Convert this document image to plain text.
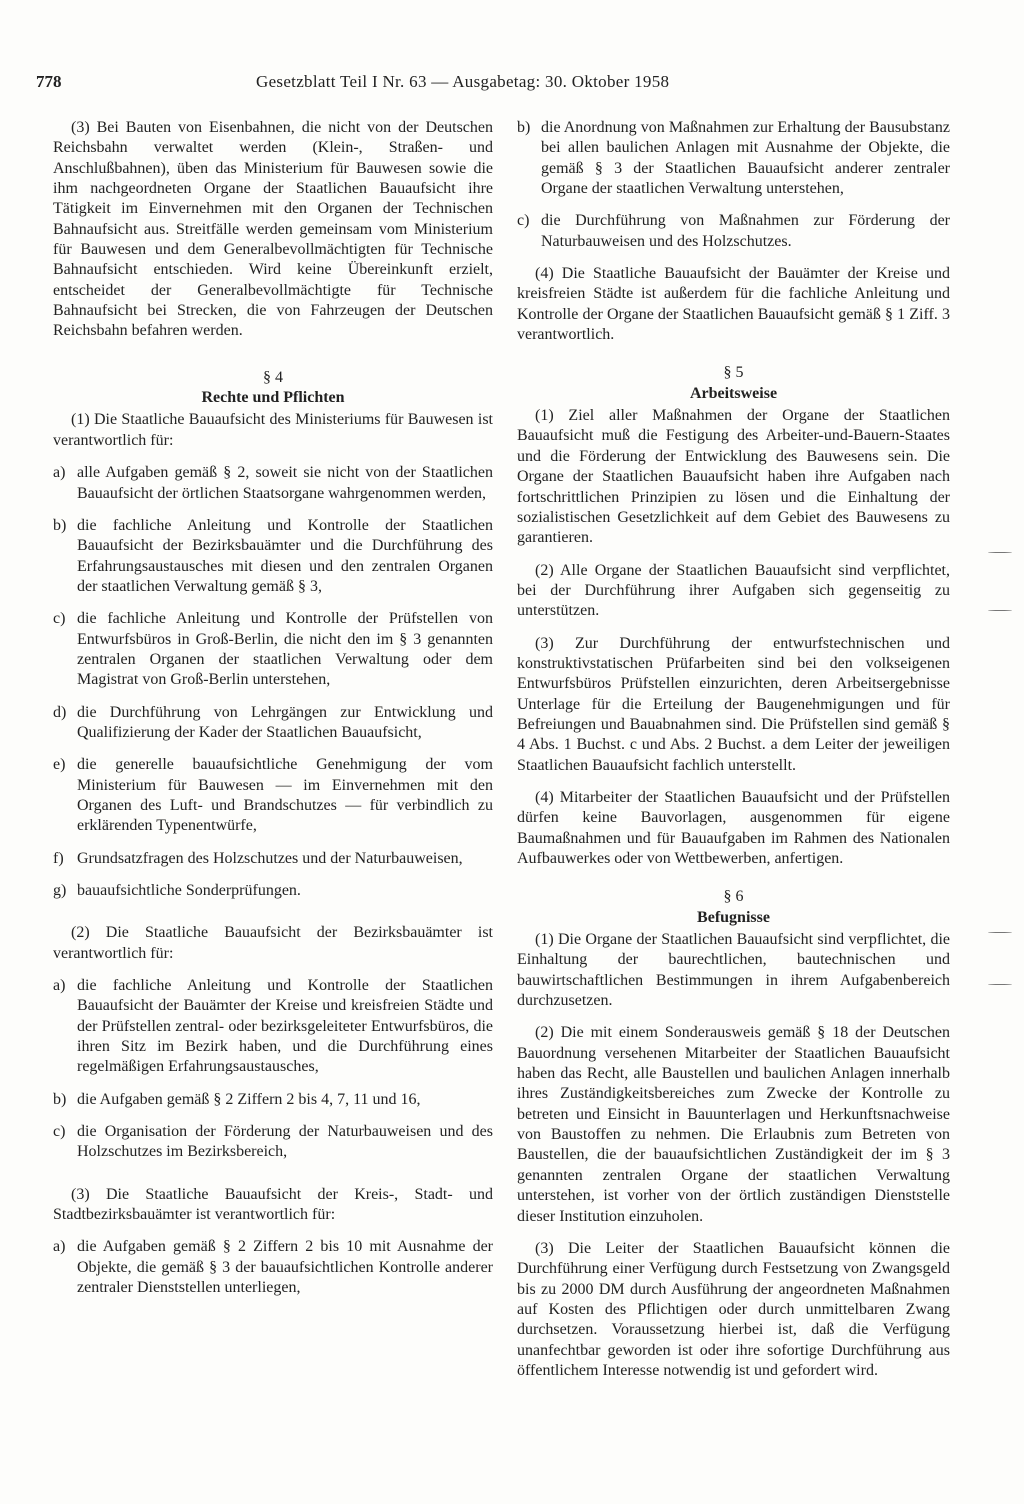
778	Gesetzblatt Teil I Nr. 63 — Ausgabetag: 30. Oktober 1958

(3) Bei Bauten von Eisenbahnen, die nicht von der Deutschen Reichsbahn verwaltet werden (Klein-, Straßen- und Anschlußbahnen), üben das Ministerium für Bauwesen sowie die ihm nachgeordneten Organe der Staatlichen Bauaufsicht ihre Tätigkeit im Einvernehmen mit den Organen der Technischen Bahnaufsicht aus. Streitfälle werden gemeinsam vom Ministerium für Bauwesen und dem Generalbevollmächtigten für Technische Bahnaufsicht entschieden. Wird keine Übereinkunft erzielt, entscheidet der Generalbevollmächtigte für Technische Bahnaufsicht bei Strecken, die von Fahrzeugen der Deutschen Reichsbahn befahren werden.

§ 4

Rechte und Pflichten

(1) Die Staatliche Bauaufsicht des Ministeriums für Bauwesen ist verantwortlich für:

a) alle Aufgaben gemäß § 2, soweit sie nicht von der Staatlichen Bauaufsicht der örtlichen Staatsorgane wahrgenommen werden,
b) die fachliche Anleitung und Kontrolle der Staatlichen Bauaufsicht der Bezirksbauämter und die Durchführung des Erfahrungsaustausches mit diesen und den zentralen Organen der staatlichen Verwaltung gemäß § 3,
c) die fachliche Anleitung und Kontrolle der Prüfstellen von Entwurfsbüros in Groß-Berlin, die nicht den im § 3 genannten zentralen Organen der staatlichen Verwaltung oder dem Magistrat von Groß-Berlin unterstehen,
d) die Durchführung von Lehrgängen zur Entwicklung und Qualifizierung der Kader der Staatlichen Bauaufsicht,
e) die generelle bauaufsichtliche Genehmigung der vom Ministerium für Bauwesen — im Einvernehmen mit den Organen des Luft- und Brandschutzes — für verbindlich zu erklärenden Typenentwürfe,
f) Grundsatzfragen des Holzschutzes und der Naturbauweisen,
g) bauaufsichtliche Sonderprüfungen.

(2) Die Staatliche Bauaufsicht der Bezirksbauämter ist verantwortlich für:

a) die fachliche Anleitung und Kontrolle der Staatlichen Bauaufsicht der Bauämter der Kreise und kreisfreien Städte und der Prüfstellen zentral- oder bezirksgeleiteter Entwurfsbüros, die ihren Sitz im Bezirk haben, und die Durchführung eines regelmäßigen Erfahrungsaustausches,
b) die Aufgaben gemäß § 2 Ziffern 2 bis 4, 7, 11 und 16,
c) die Organisation der Förderung der Naturbauweisen und des Holzschutzes im Bezirksbereich,

(3) Die Staatliche Bauaufsicht der Kreis-, Stadt- und Stadtbezirksbauämter ist verantwortlich für:

a) die Aufgaben gemäß § 2 Ziffern 2 bis 10 mit Ausnahme der Objekte, die gemäß § 3 der bauaufsichtlichen Kontrolle anderer zentraler Dienststellen unterliegen,
b) die Anordnung von Maßnahmen zur Erhaltung der Bausubstanz bei allen baulichen Anlagen mit Ausnahme der Objekte, die gemäß § 3 der Staatlichen Bauaufsicht anderer zentraler Organe der staatlichen Verwaltung unterstehen,
c) die Durchführung von Maßnahmen zur Förderung der Naturbauweisen und des Holzschutzes.

(4) Die Staatliche Bauaufsicht der Bauämter der Kreise und kreisfreien Städte ist außerdem für die fachliche Anleitung und Kontrolle der Organe der Staatlichen Bauaufsicht gemäß § 1 Ziff. 3 verantwortlich.

§ 5

Arbeitsweise

(1) Ziel aller Maßnahmen der Organe der Staatlichen Bauaufsicht muß die Festigung des Arbeiter-und-Bauern-Staates und die Förderung der Entwicklung des Bauwesens sein. Die Organe der Staatlichen Bauaufsicht haben ihre Aufgaben nach fortschrittlichen Prinzipien zu lösen und die Einhaltung der sozialistischen Gesetzlichkeit auf dem Gebiet des Bauwesens zu garantieren.

(2) Alle Organe der Staatlichen Bauaufsicht sind verpflichtet, bei der Durchführung ihrer Aufgaben sich gegenseitig zu unterstützen.

(3) Zur Durchführung der entwurfstechnischen und konstruktivstatischen Prüfarbeiten sind bei den volkseigenen Entwurfsbüros Prüfstellen einzurichten, deren Arbeitsergebnisse Unterlage für die Erteilung der Baugenehmigungen und für Befreiungen und Bauabnahmen sind. Die Prüfstellen sind gemäß § 4 Abs. 1 Buchst. c und Abs. 2 Buchst. a dem Leiter der jeweiligen Staatlichen Bauaufsicht fachlich unterstellt.

(4) Mitarbeiter der Staatlichen Bauaufsicht und der Prüfstellen dürfen keine Bauvorlagen, ausgenommen für eigene Baumaßnahmen und für Bauaufgaben im Rahmen des Nationalen Aufbauwerkes oder von Wettbewerben, anfertigen.

§ 6

Befugnisse

(1) Die Organe der Staatlichen Bauaufsicht sind verpflichtet, die Einhaltung der baurechtlichen, bautechnischen und bauwirtschaftlichen Bestimmungen in ihrem Aufgabenbereich durchzusetzen.

(2) Die mit einem Sonderausweis gemäß § 18 der Deutschen Bauordnung versehenen Mitarbeiter der Staatlichen Bauaufsicht haben das Recht, alle Baustellen und baulichen Anlagen innerhalb ihres Zuständigkeitsbereiches zum Zwecke der Kontrolle zu betreten und Einsicht in Bauunterlagen und Herkunftsnachweise von Baustoffen zu nehmen. Die Erlaubnis zum Betreten von Baustellen, die der bauaufsichtlichen Zuständigkeit der im § 3 genannten zentralen Organe der staatlichen Verwaltung unterstehen, ist vorher von der örtlich zuständigen Dienststelle dieser Institution einzuholen.

(3) Die Leiter der Staatlichen Bauaufsicht können die Durchführung einer Verfügung durch Festsetzung von Zwangsgeld bis zu 2000 DM durch Ausführung der angeordneten Maßnahmen auf Kosten des Pflichtigen oder durch unmittelbaren Zwang durchsetzen. Voraussetzung hierbei ist, daß die Verfügung unanfechtbar geworden ist oder ihre sofortige Durchführung aus öffentlichem Interesse notwendig ist und gefordert wird.
